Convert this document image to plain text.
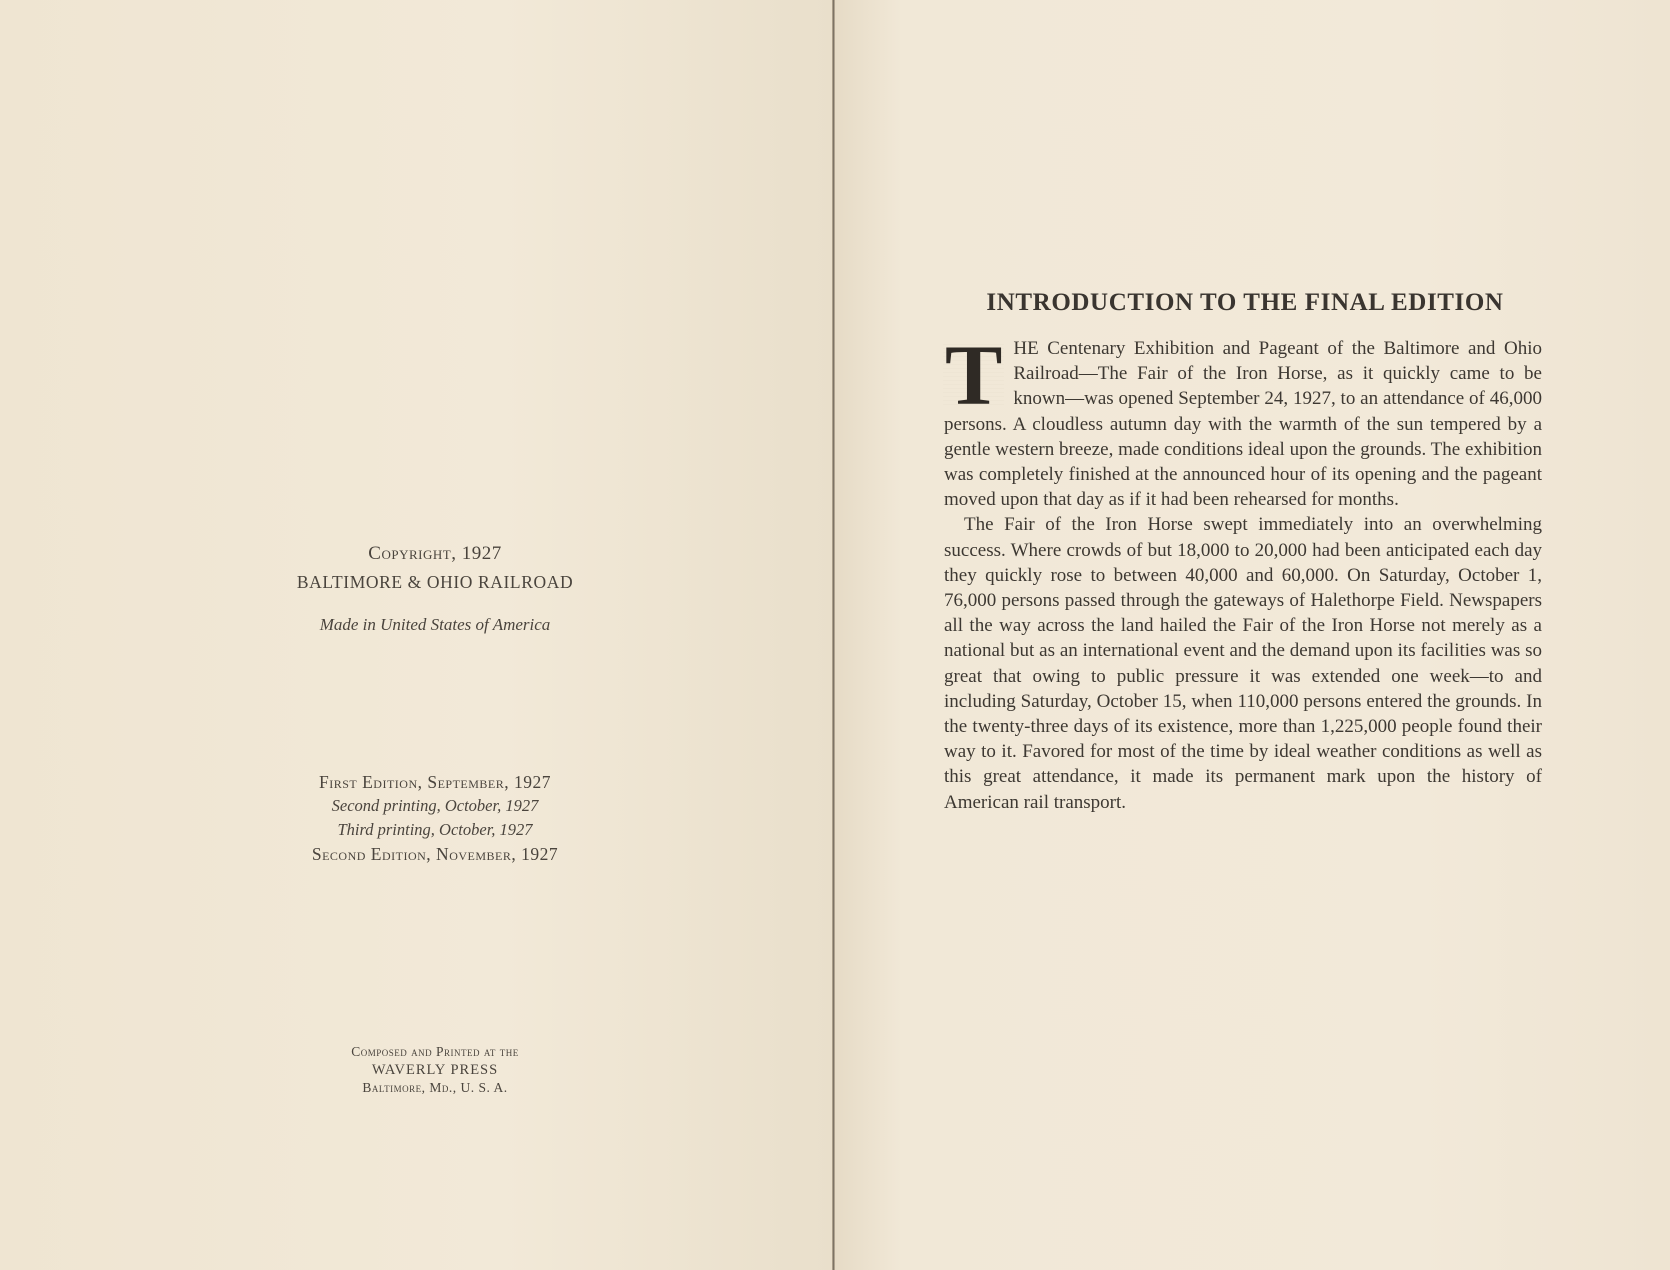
Copyright, 1927
BALTIMORE & OHIO RAILROAD
Made in United States of America
First Edition, September, 1927
Second printing, October, 1927
Third printing, October, 1927
Second Edition, November, 1927
Composed and Printed at the
WAVERLY PRESS
Baltimore, Md., U. S. A.
INTRODUCTION TO THE FINAL EDITION

T HE Centenary Exhibition and Pageant of the Baltimore and Ohio Railroad—The Fair of the Iron Horse, as it quickly came to be known—was opened September 24, 1927, to an attendance of 46,000 persons. A cloudless autumn day with the warmth of the sun tempered by a gentle western breeze, made conditions ideal upon the grounds. The exhibition was completely finished at the announced hour of its opening and the pageant moved upon that day as if it had been rehearsed for months.

The Fair of the Iron Horse swept immediately into an overwhelming success. Where crowds of but 18,000 to 20,000 had been anticipated each day they quickly rose to between 40,000 and 60,000. On Saturday, October 1, 76,000 persons passed through the gateways of Halethorpe Field. Newspapers all the way across the land hailed the Fair of the Iron Horse not merely as a national but as an international event and the demand upon its facilities was so great that owing to public pressure it was extended one week—to and including Saturday, October 15, when 110,000 persons entered the grounds. In the twenty-three days of its existence, more than 1,225,000 people found their way to it. Favored for most of the time by ideal weather conditions as well as this great attendance, it made its permanent mark upon the history of American rail transport.
